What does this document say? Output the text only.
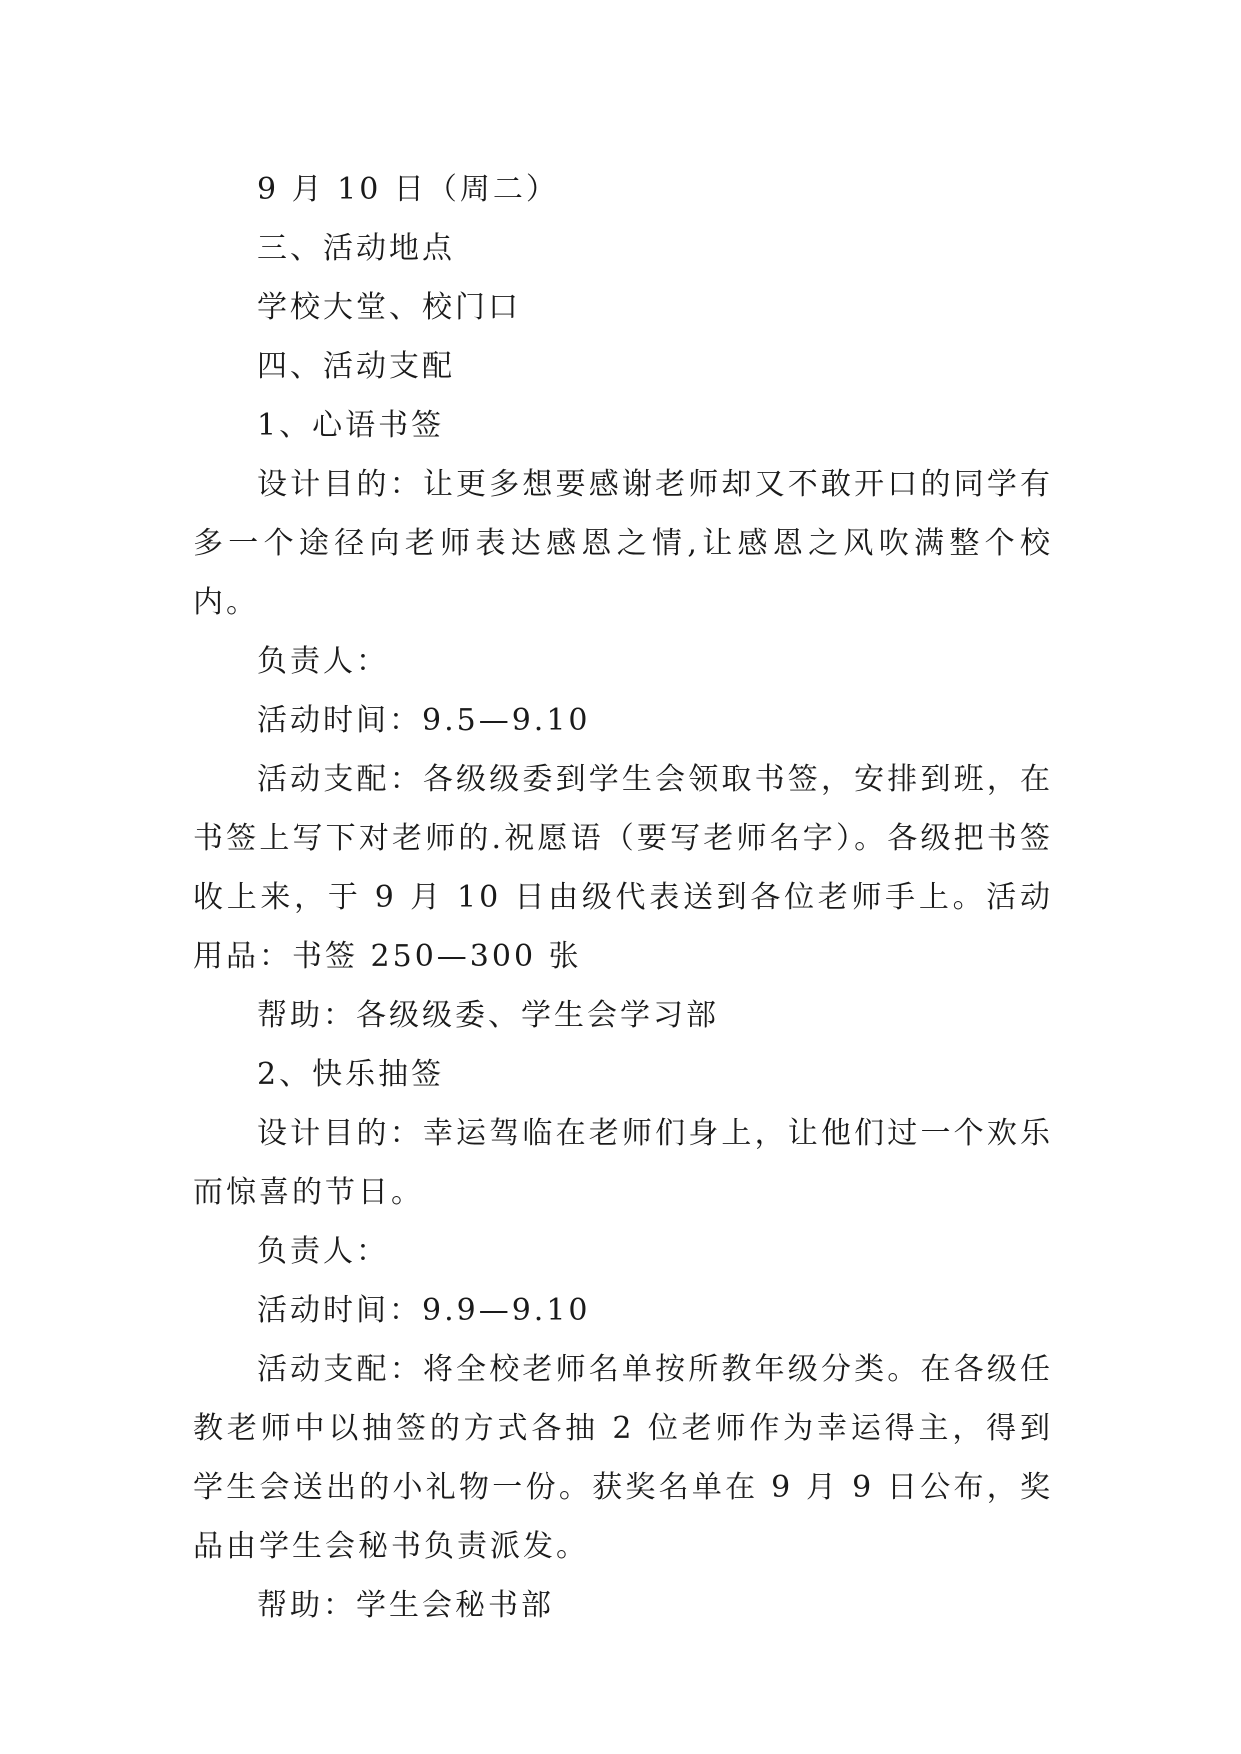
9 月 10 日（周二）

三、活动地点

学校大堂、校门口

四、活动支配

1、心语书签

设计目的：让更多想要感谢老师却又不敢开口的同学有多一个途径向老师表达感恩之情,让感恩之风吹满整个校内。

负责人：

活动时间：9.5—9.10

活动支配：各级级委到学生会领取书签，安排到班，在书签上写下对老师的.祝愿语（要写老师名字）。各级把书签收上来，于 9 月 10 日由级代表送到各位老师手上。活动用品：书签 250—300 张

帮助：各级级委、学生会学习部

2、快乐抽签

设计目的：幸运驾临在老师们身上，让他们过一个欢乐而惊喜的节日。

负责人：

活动时间：9.9—9.10

活动支配：将全校老师名单按所教年级分类。在各级任教老师中以抽签的方式各抽 2 位老师作为幸运得主，得到学生会送出的小礼物一份。获奖名单在 9 月 9 日公布，奖品由学生会秘书负责派发。

帮助：学生会秘书部
